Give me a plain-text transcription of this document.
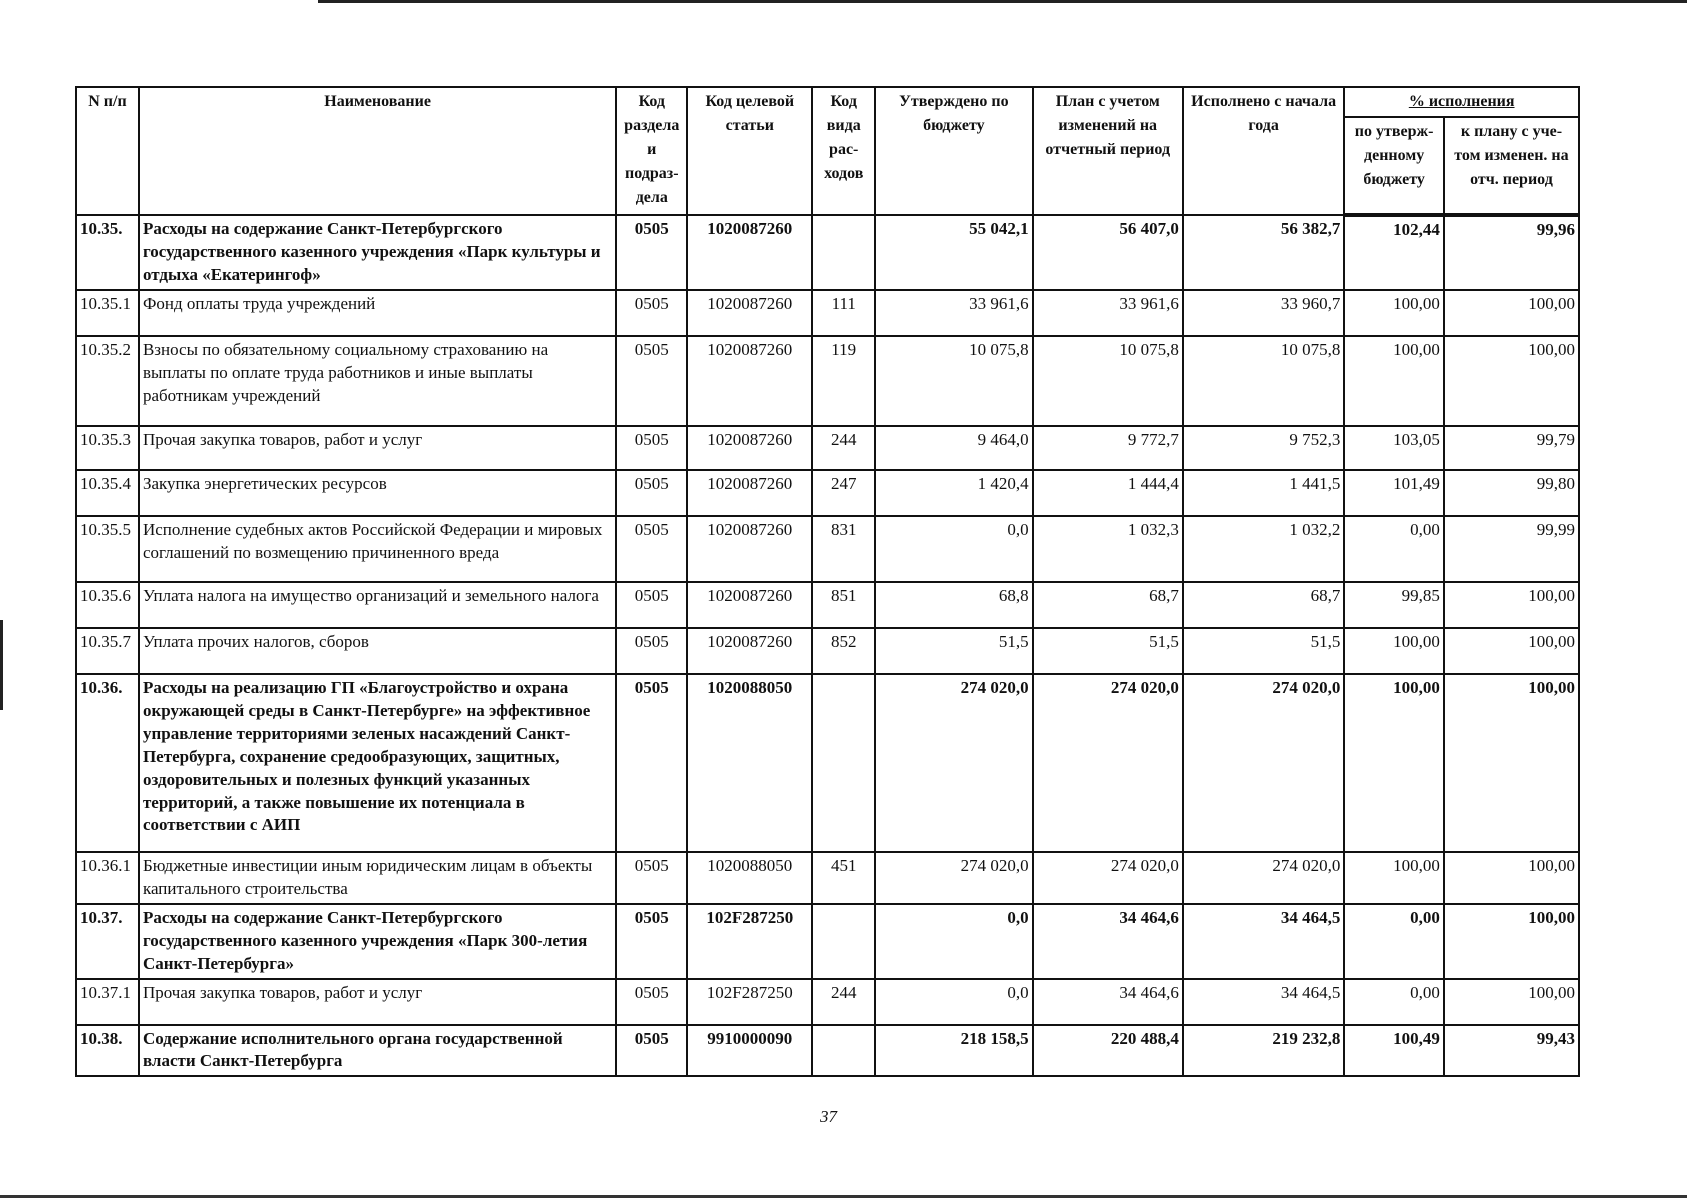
N п/п	Наименование	Код раздела и подраз-дела	Код целевой статьи	Код вида рас-ходов	Утверждено по бюджету	План с учетом изменений на отчетный период	Исполнено с начала года	% исполнения	
								по утверж-денному бюджету	к плану с уче-том изменен. на отч. период
10.35.	Расходы на содержание Санкт-Петербургского государственного казенного учреждения «Парк культуры и отдыха «Екатерингоф»	0505	1020087260		55 042,1	56 407,0	56 382,7	102,44	99,96
10.35.1	Фонд оплаты труда учреждений	0505	1020087260	111	33 961,6	33 961,6	33 960,7	100,00	100,00
10.35.2	Взносы по обязательному социальному страхованию на выплаты по оплате труда работников и иные выплаты работникам учреждений	0505	1020087260	119	10 075,8	10 075,8	10 075,8	100,00	100,00
10.35.3	Прочая закупка товаров, работ и услуг	0505	1020087260	244	9 464,0	9 772,7	9 752,3	103,05	99,79
10.35.4	Закупка энергетических ресурсов	0505	1020087260	247	1 420,4	1 444,4	1 441,5	101,49	99,80
10.35.5	Исполнение судебных актов Российской Федерации и мировых соглашений по возмещению причиненного вреда	0505	1020087260	831	0,0	1 032,3	1 032,2	0,00	99,99
10.35.6	Уплата налога на имущество организаций и земельного налога	0505	1020087260	851	68,8	68,7	68,7	99,85	100,00
10.35.7	Уплата прочих налогов, сборов	0505	1020087260	852	51,5	51,5	51,5	100,00	100,00
10.36.	Расходы на реализацию ГП «Благоустройство и охрана окружающей среды в Санкт-Петербурге» на эффективное управление территориями зеленых насаждений Санкт-Петербурга, сохранение средообразующих, защитных, оздоровительных и полезных функций указанных территорий, а также повышение их потенциала в соответствии с АИП	0505	1020088050		274 020,0	274 020,0	274 020,0	100,00	100,00
10.36.1	Бюджетные инвестиции иным юридическим лицам в объекты капитального строительства	0505	1020088050	451	274 020,0	274 020,0	274 020,0	100,00	100,00
10.37.	Расходы на содержание Санкт-Петербургского государственного казенного учреждения «Парк 300-летия Санкт-Петербурга»	0505	102F287250		0,0	34 464,6	34 464,5	0,00	100,00
10.37.1	Прочая закупка товаров, работ и услуг	0505	102F287250	244	0,0	34 464,6	34 464,5	0,00	100,00
10.38.	Содержание исполнительного органа государственной власти Санкт-Петербурга	0505	9910000090		218 158,5	220 488,4	219 232,8	100,49	99,43
37
